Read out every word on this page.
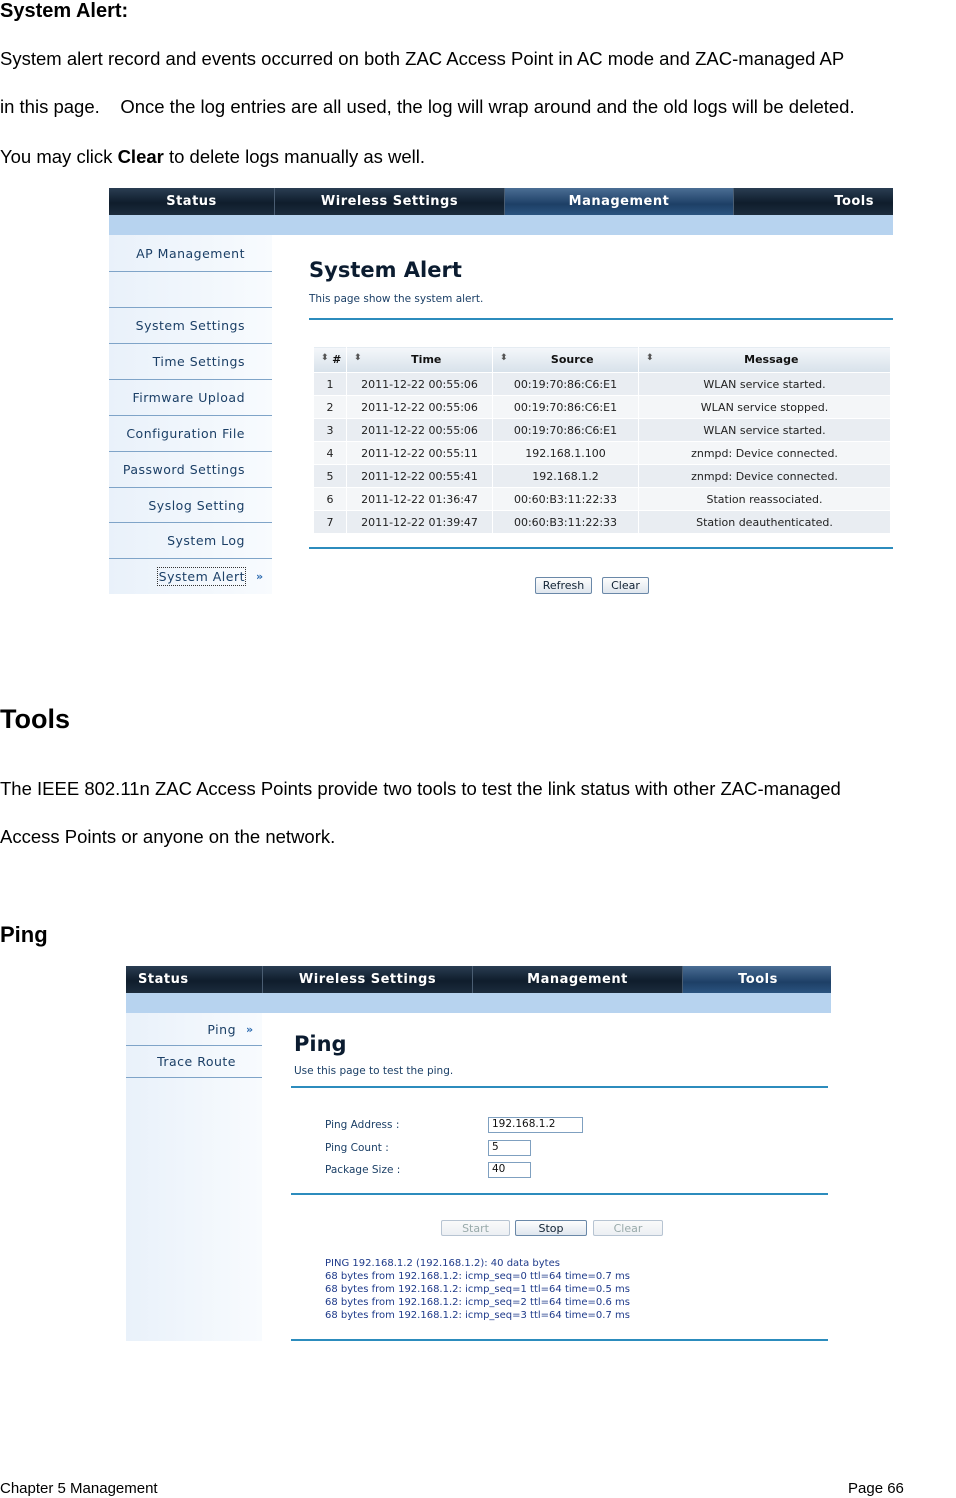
System Alert:
System alert record and events occurred on both ZAC Access Point in AC mode and ZAC-managed AP
in this page.    Once the log entries are all used, the log will wrap around and the old logs will be deleted.
You may click Clear to delete logs manually as well.
Status	Wireless Settings	Management	Tools
AP Management
System Settings
Time Settings
Firmware Upload
Configuration File
Password Settings
Syslog Setting
System Log
System Alert »
System Alert
This page show the system alert.
⬍ #	⬍ Time	⬍ Source	⬍ Message
1	2011-12-22 00:55:06	00:19:70:86:C6:E1	WLAN service started.
2	2011-12-22 00:55:06	00:19:70:86:C6:E1	WLAN service stopped.
3	2011-12-22 00:55:06	00:19:70:86:C6:E1	WLAN service started.
4	2011-12-22 00:55:11	192.168.1.100	znmpd: Device connected.
5	2011-12-22 00:55:41	192.168.1.2	znmpd: Device connected.
6	2011-12-22 01:36:47	00:60:B3:11:22:33	Station reassociated.
7	2011-12-22 01:39:47	00:60:B3:11:22:33	Station deauthenticated.
Refresh	Clear
Tools
The IEEE 802.11n ZAC Access Points provide two tools to test the link status with other ZAC-managed
Access Points or anyone on the network.
Ping
Status	Wireless Settings	Management	Tools
Ping »
Trace Route
Ping
Use this page to test the ping.
Ping Address :	192.168.1.2
Ping Count :	5
Package Size :	40
Start	Stop	Clear
PING 192.168.1.2 (192.168.1.2): 40 data bytes
68 bytes from 192.168.1.2: icmp_seq=0 ttl=64 time=0.7 ms
68 bytes from 192.168.1.2: icmp_seq=1 ttl=64 time=0.5 ms
68 bytes from 192.168.1.2: icmp_seq=2 ttl=64 time=0.6 ms
68 bytes from 192.168.1.2: icmp_seq=3 ttl=64 time=0.7 ms
Chapter 5 Management	Page 66
